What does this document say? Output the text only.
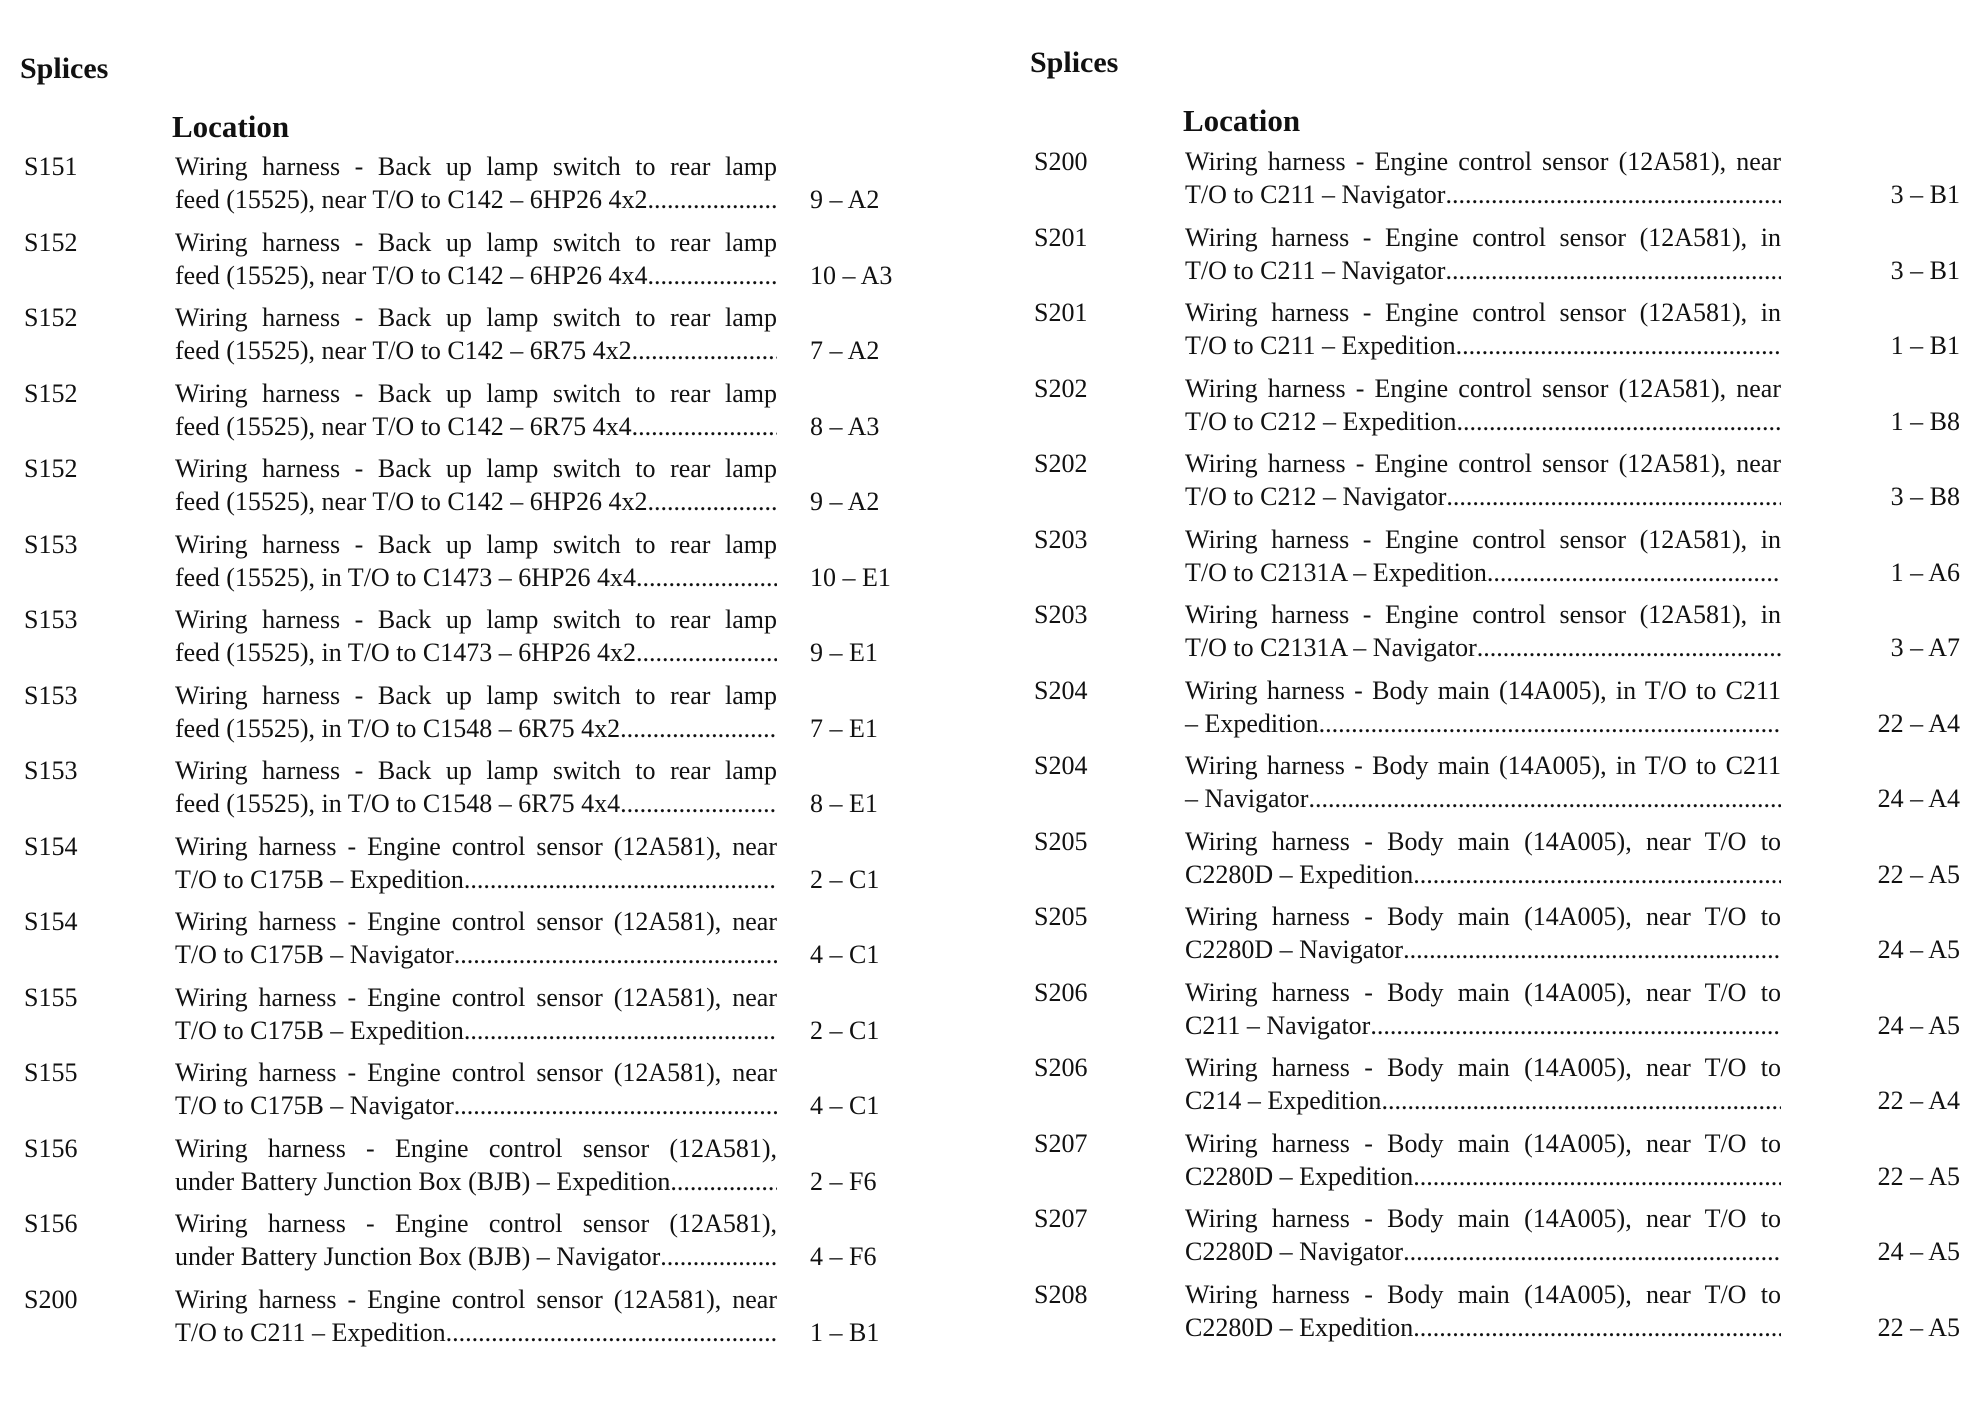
Splices
Location
S151	Wiring harness - Back up lamp switch to rear lamp
feed (15525), near T/O to C142 – 6HP26 4x2 .....	9 – A2
S152	Wiring harness - Back up lamp switch to rear lamp
feed (15525), near T/O to C142 – 6HP26 4x4 .....	10 – A3
S152	Wiring harness - Back up lamp switch to rear lamp
feed (15525), near T/O to C142 – 6R75 4x2 .....	7 – A2
S152	Wiring harness - Back up lamp switch to rear lamp
feed (15525), near T/O to C142 – 6R75 4x4 .....	8 – A3
S152	Wiring harness - Back up lamp switch to rear lamp
feed (15525), near T/O to C142 – 6HP26 4x2 .....	9 – A2
S153	Wiring harness - Back up lamp switch to rear lamp
feed (15525), in T/O to C1473 – 6HP26 4x4 .....	10 – E1
S153	Wiring harness - Back up lamp switch to rear lamp
feed (15525), in T/O to C1473 – 6HP26 4x2 .....	9 – E1
S153	Wiring harness - Back up lamp switch to rear lamp
feed (15525), in T/O to C1548 – 6R75 4x2 .....	7 – E1
S153	Wiring harness - Back up lamp switch to rear lamp
feed (15525), in T/O to C1548 – 6R75 4x4 .....	8 – E1
S154	Wiring harness - Engine control sensor (12A581), near
T/O to C175B – Expedition .....	2 – C1
S154	Wiring harness - Engine control sensor (12A581), near
T/O to C175B – Navigator .....	4 – C1
S155	Wiring harness - Engine control sensor (12A581), near
T/O to C175B – Expedition .....	2 – C1
S155	Wiring harness - Engine control sensor (12A581), near
T/O to C175B – Navigator .....	4 – C1
S156	Wiring harness - Engine control sensor (12A581),
under Battery Junction Box (BJB) – Expedition .....	2 – F6
S156	Wiring harness - Engine control sensor (12A581),
under Battery Junction Box (BJB) – Navigator .....	4 – F6
S200	Wiring harness - Engine control sensor (12A581), near
T/O to C211 – Expedition .....	1 – B1
Splices
Location
S200	Wiring harness - Engine control sensor (12A581), near
T/O to C211 – Navigator .....	3 – B1
S201	Wiring harness - Engine control sensor (12A581), in
T/O to C211 – Navigator .....	3 – B1
S201	Wiring harness - Engine control sensor (12A581), in
T/O to C211 – Expedition .....	1 – B1
S202	Wiring harness - Engine control sensor (12A581), near
T/O to C212 – Expedition .....	1 – B8
S202	Wiring harness - Engine control sensor (12A581), near
T/O to C212 – Navigator .....	3 – B8
S203	Wiring harness - Engine control sensor (12A581), in
T/O to C2131A – Expedition .....	1 – A6
S203	Wiring harness - Engine control sensor (12A581), in
T/O to C2131A – Navigator .....	3 – A7
S204	Wiring harness - Body main (14A005), in T/O to C211
– Expedition .....	22 – A4
S204	Wiring harness - Body main (14A005), in T/O to C211
– Navigator .....	24 – A4
S205	Wiring harness - Body main (14A005), near T/O to
C2280D – Expedition .....	22 – A5
S205	Wiring harness - Body main (14A005), near T/O to
C2280D – Navigator .....	24 – A5
S206	Wiring harness - Body main (14A005), near T/O to
C211 – Navigator .....	24 – A5
S206	Wiring harness - Body main (14A005), near T/O to
C214 – Expedition .....	22 – A4
S207	Wiring harness - Body main (14A005), near T/O to
C2280D – Expedition .....	22 – A5
S207	Wiring harness - Body main (14A005), near T/O to
C2280D – Navigator .....	24 – A5
S208	Wiring harness - Body main (14A005), near T/O to
C2280D – Expedition .....	22 – A5
